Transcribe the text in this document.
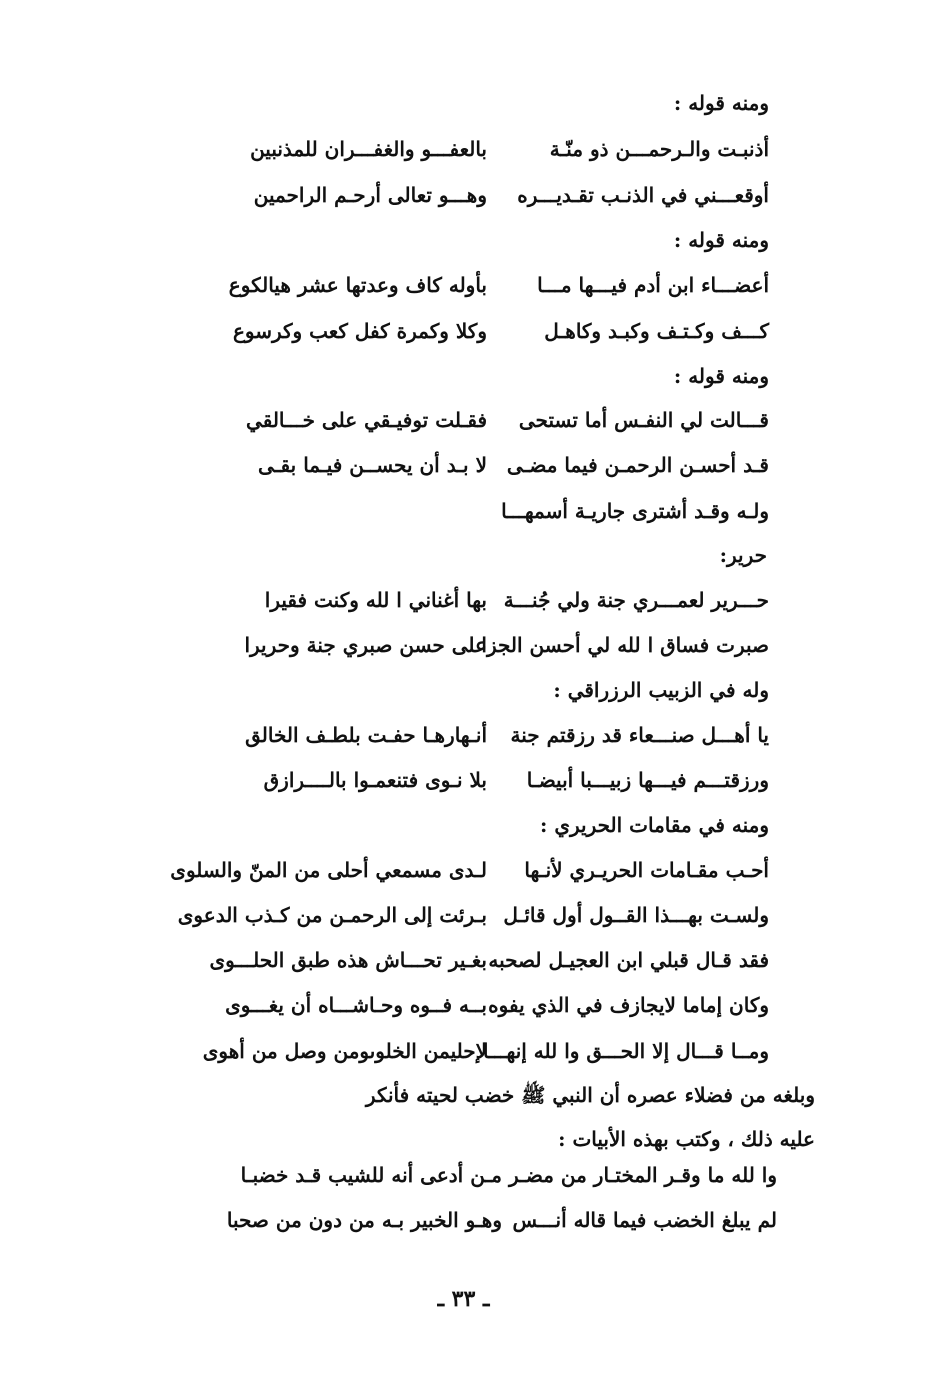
ومنه قوله :
أذنبـت والـرحمـــن ذو منّـة
بالعفـــو والغفـــران للمذنبين
أوقعـــني في الذنـب تقـديـــره
وهـــو تعالى أرحـم الراحمين
ومنه قوله :
أعضـــاء ابن أدم فيـــها مـــا
بأوله كاف وعدتها عشر هيالكوع
كـــف وكـتـف وكبـد وكاهـل
وكلا وكمرة كفل كعب وكرسوع
ومنه قوله :
قـــالت لي النفـس أما تستحى
فقـلت توفيـقي على خـــالقي
قـد أحسـن الرحمـن فيما مضـى
لا بـد أن يحســن فيـما بقـى
ولـه وقـد أشترى جاريـة أسمهـــا
حرير:
حـــرير لعمـــري جنة ولي جُنـــة
بها أغناني ا لله وكنت فقيرا
صبرت فساق ا لله لي أحسن الجزا
على حسن صبري جنة وحريرا
وله في الزبيب الرزراقي :
يا أهـــل صنـــعاء قد رزقتم جنة
أنـهارهـا حفـت بلطـف الخالق
ورزقتـــم فيـــها زبيـــبا أبيضـا
بلا نـوى فتنعمـوا بالــــرازق
ومنه في مقامات الحريري :
أحـب مقـامات الحريـري لأنـها
لـدى مسمعي أحلى من المنّ والسلوى
ولسـت بهـــذا القــول أول قائـل
بـرئت إلى الرحمـن من كـذب الدعوى
فقد قـال قبلي ابن العجيـل لصحبه
بغـير تحـــاش هذه طبق الحلـــوى
وكان إماما لايجازف في الذي يفوه
بــه فــوه وحـاشـــاه أن يغـــوى
ومــا قـــال إلا الحـــق وا لله إنهـــا
لإحليمن الخلوىومن وصل من أهوى
وبلغه من فضلاء عصره أن النبي ﷺ خضب لحيته فأنكر
عليه ذلك ، وكتب بهذه الأبيات :
وا لله ما وقـر المختـار من مضـر
مـن أدعى أنه للشيب قـد خضبـا
لم يبلغ الخضب فيما قاله أنـــس
وهـو الخبير بـه من دون من صحبا
ـ ٣٣ ـ
